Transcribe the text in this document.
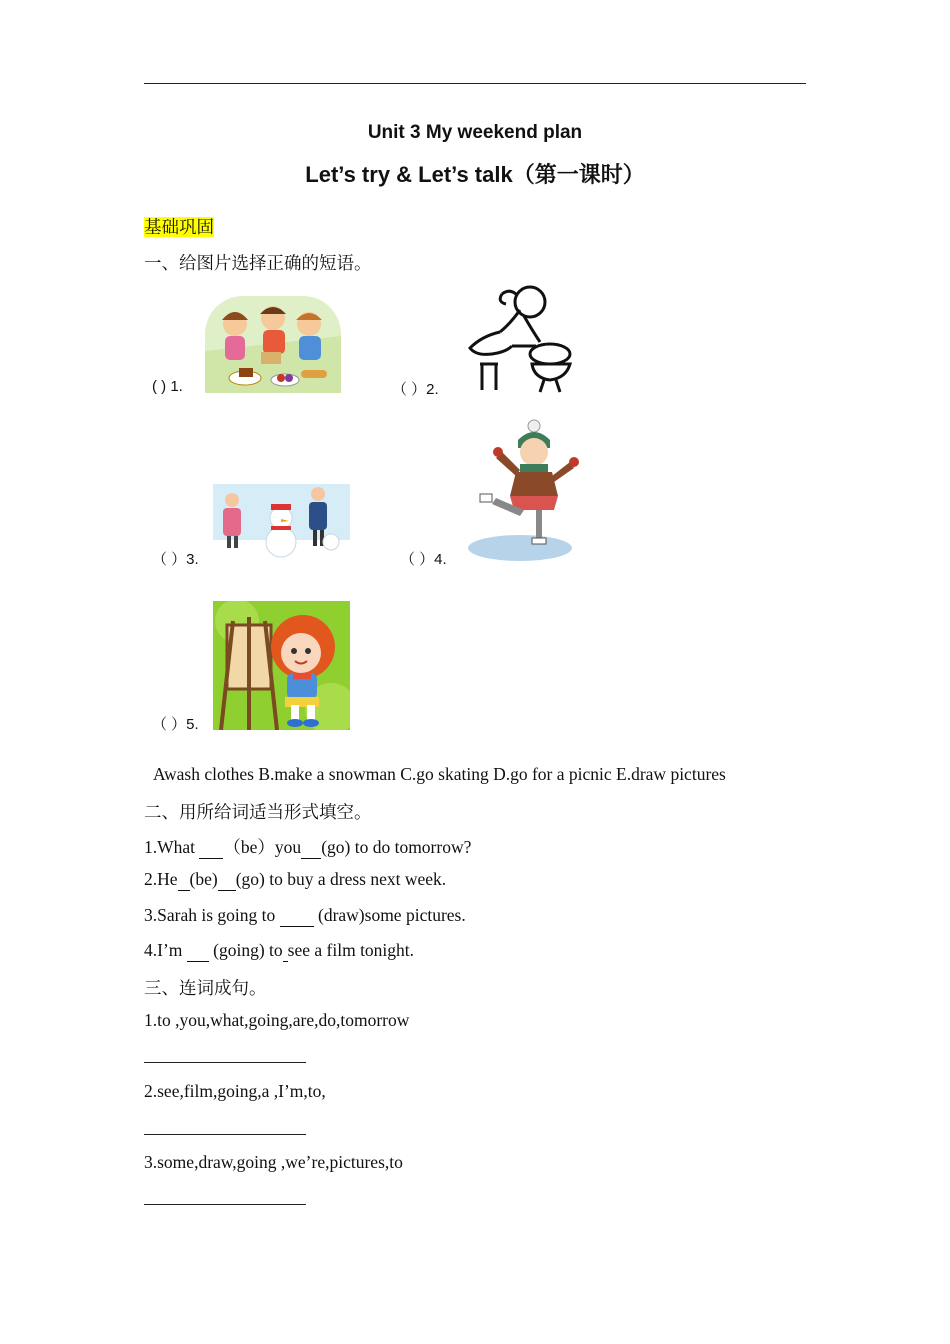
Unit 3 My weekend plan
Let’s try & Let’s talk（第一课时）
基础巩固
一、给图片选择正确的短语。
( ) 1.	（ ）2.
（ ）3.	（ ）4.
（ ）5.
Awash clothes B.make a snowman C.go skating D.go for a picnic E.draw pictures
二、用所给词适当形式填空。
1.What  （be）you (go) to do tomorrow?
2.He (be) (go) to buy a dress next week.
3.Sarah is going to   (draw)some pictures.
4.I’m   (going) to see a film tonight.
三、连词成句。
1.to ,you,what,going,are,do,tomorrow
2.see,film,going,a ,I’m,to,
3.some,draw,going ,we’re,pictures,to
